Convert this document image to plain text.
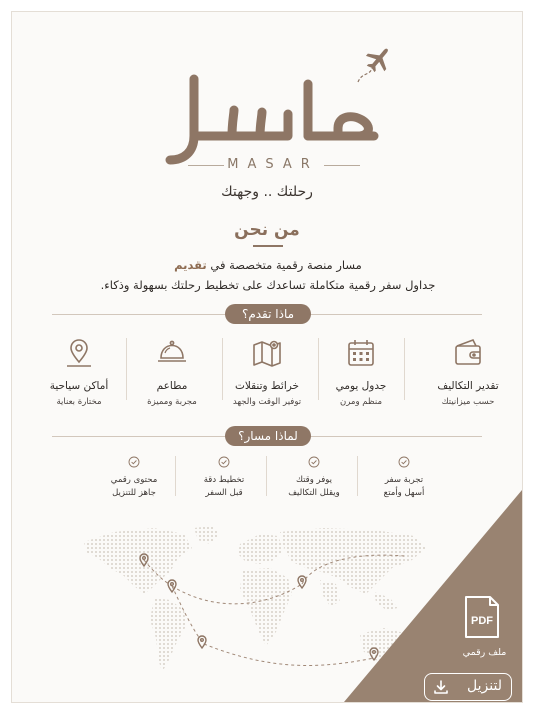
مسار
MASAR
رحلتك .. وجهتك
من نحن
مسار منصة رقمية متخصصة في تقديم
جداول سفر رقمية متكاملة تساعدك على تخطيط رحلتك بسهولة وذكاء.
ماذا تقدم؟
تقدير التكاليف
حسب ميزانيتك
جدول يومي
منظم ومرن
خرائط وتنقلات
توفير الوقت والجهد
مطاعم
مجربة ومميزة
أماكن سياحية
مختارة بعناية
لماذا مسار؟
تجربة سفر
أسهل وأمتع
يوفر وقتك
ويقلل التكاليف
تخطيط دقة
قبل السفر
محتوى رقمي
جاهز للتنزيل
PDF
ملف رقمي
لتنزيل
